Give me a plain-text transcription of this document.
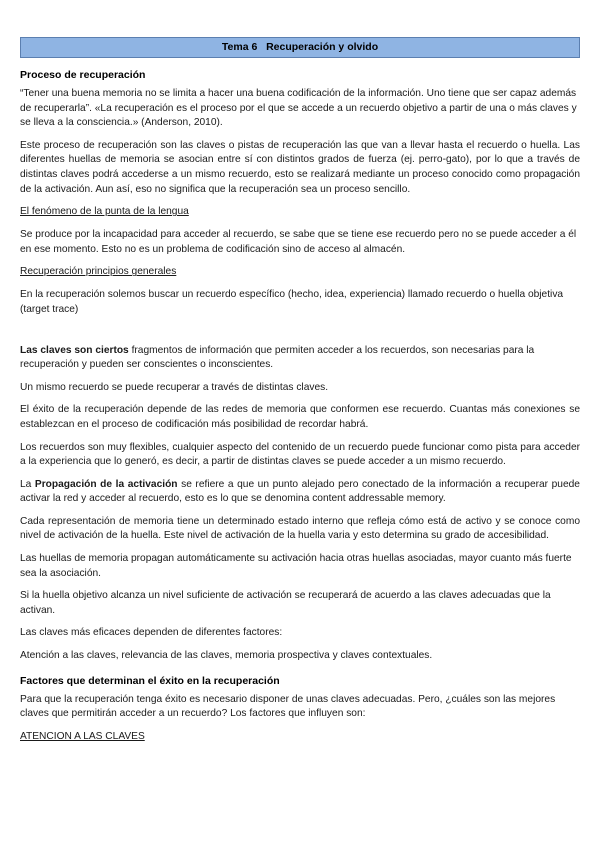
Tema 6 Recuperación y olvido
Proceso de recuperación

“Tener una buena memoria no se limita a hacer una buena codificación de la información. Uno tiene que ser capaz además de recuperarla”. «La recuperación es el proceso por el que se accede a un recuerdo objetivo a partir de una o más claves y se lleva a la consciencia.» (Anderson, 2010).

Este proceso de recuperación son las claves o pistas de recuperación las que van a llevar hasta el recuerdo o huella. Las diferentes huellas de memoria se asocian entre sí con distintos grados de fuerza (ej. perro-gato), por lo que a través de distintas claves podrá accederse a un mismo recuerdo, esto se realizará mediante un proceso conocido como propagación de la activación. Aun así, eso no significa que la recuperación sea un proceso sencillo.

El fenómeno de la punta de la lengua

Se produce por la incapacidad para acceder al recuerdo, se sabe que se tiene ese recuerdo pero no se puede acceder a él en ese momento. Esto no es un problema de codificación sino de acceso al almacén.

Recuperación principios generales

En la recuperación solemos buscar un recuerdo específico (hecho, idea, experiencia) llamado recuerdo o huella objetiva (target trace)

Las claves son ciertos fragmentos de información que permiten acceder a los recuerdos, son necesarias para la recuperación y pueden ser conscientes o inconscientes.

Un mismo recuerdo se puede recuperar a través de distintas claves.

El éxito de la recuperación depende de las redes de memoria que conformen ese recuerdo. Cuantas más conexiones se establezcan en el proceso de codificación más posibilidad de recordar habrá.

Los recuerdos son muy flexibles, cualquier aspecto del contenido de un recuerdo puede funcionar como pista para acceder a la experiencia que lo generó, es decir, a partir de distintas claves se puede acceder a un mismo recuerdo.

La Propagación de la activación se refiere a que un punto alejado pero conectado de la información a recuperar puede activar la red y acceder al recuerdo, esto es lo que se denomina content addressable memory.

Cada representación de memoria tiene un determinado estado interno que refleja cómo está de activo y se conoce como nivel de activación de la huella. Este nivel de activación de la huella varia y esto determina su grado de accesibilidad.

Las huellas de memoria propagan automáticamente su activación hacia otras huellas asociadas, mayor cuanto más fuerte sea la asociación.

Si la huella objetivo alcanza un nivel suficiente de activación se recuperará de acuerdo a las claves adecuadas que la activan.

Las claves más eficaces dependen de diferentes factores:

Atención a las claves, relevancia de las claves, memoria prospectiva y claves contextuales.

Factores que determinan el éxito en la recuperación

Para que la recuperación tenga éxito es necesario disponer de unas claves adecuadas. Pero, ¿cuáles son las mejores claves que permitirán acceder a un recuerdo? Los factores que influyen son:

ATENCION A LAS CLAVES
